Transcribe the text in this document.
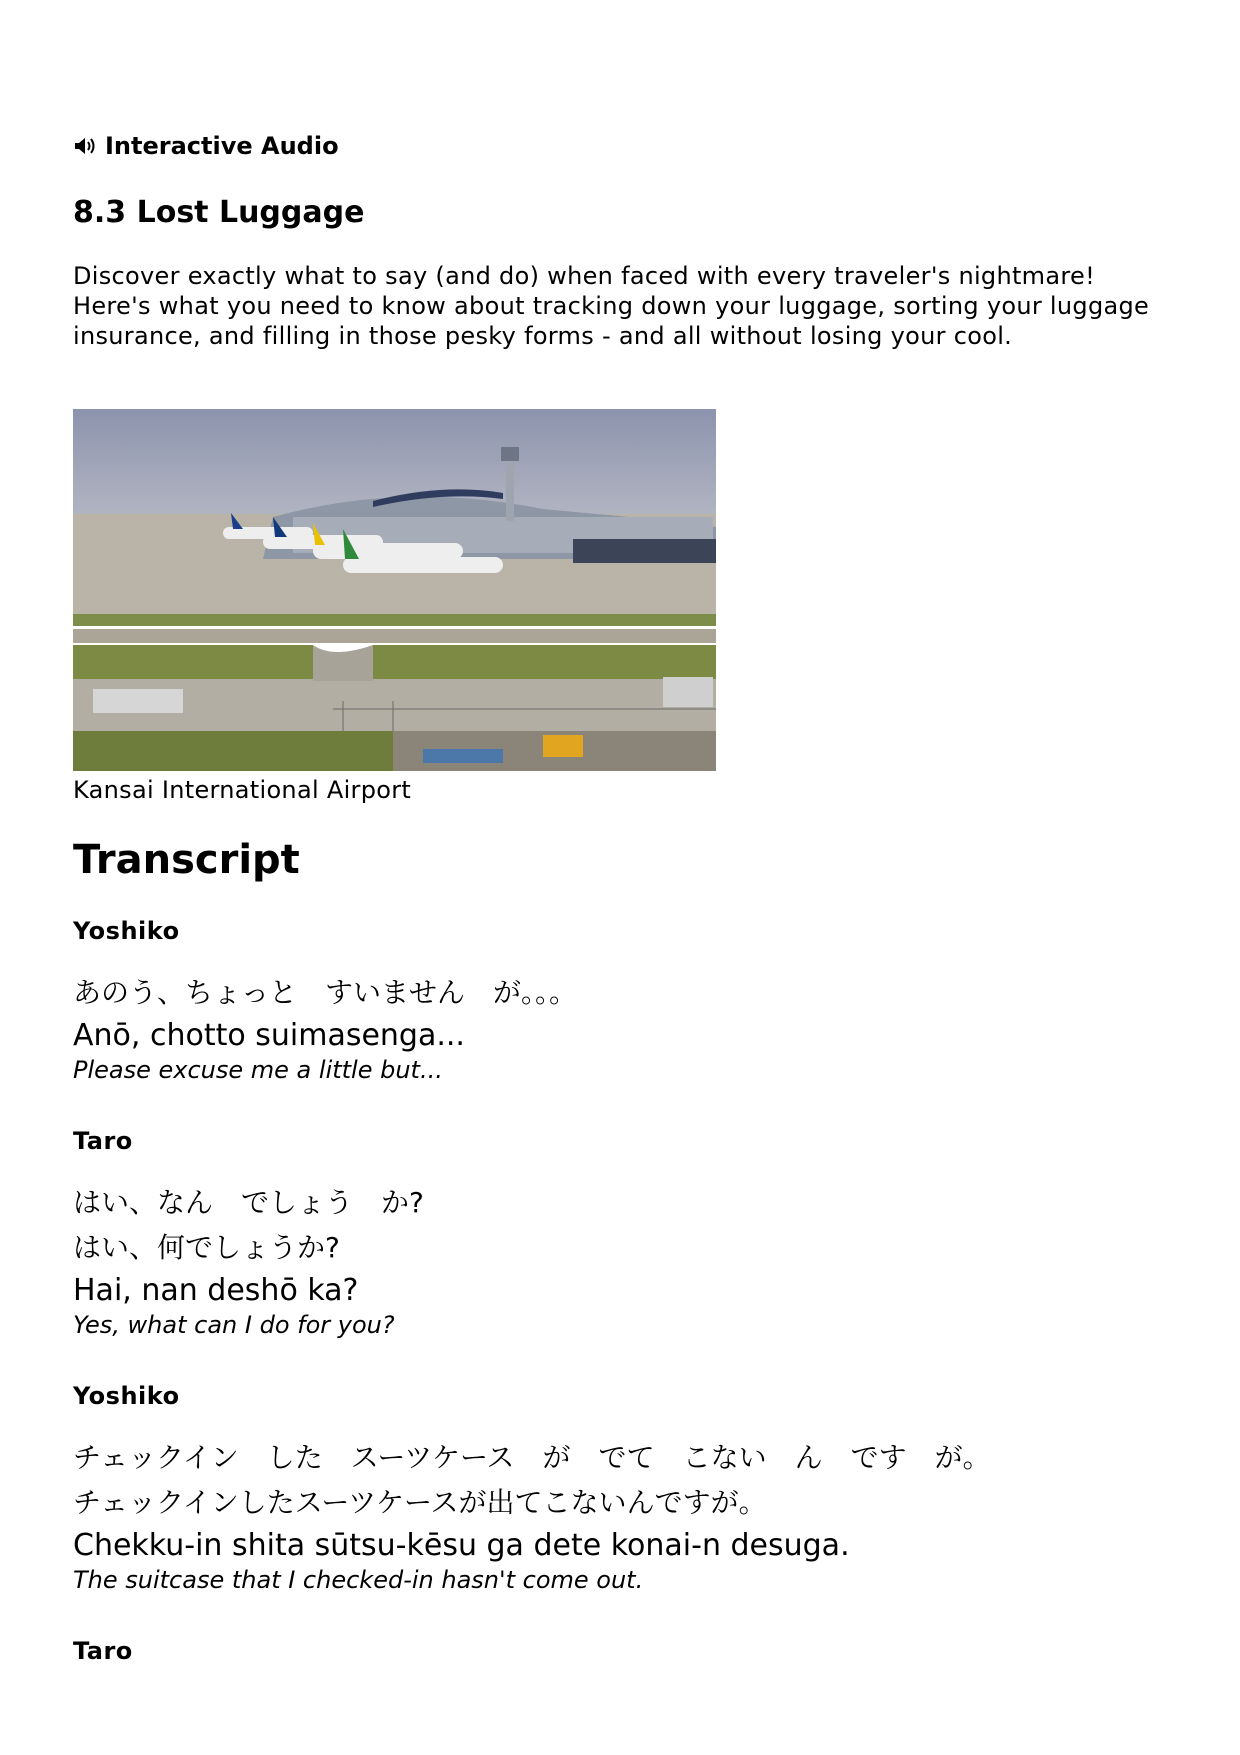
Interactive Audio
8.3 Lost Luggage

Discover exactly what to say (and do) when faced with every traveler's nightmare! Here's what you need to know about tracking down your luggage, sorting your luggage insurance, and filling in those pesky forms - and all without losing your cool.

Kansai International Airport
Transcript
Yoshiko
あのう、ちょっと　すいません　が。。。
Anō, chotto suimasenga...
Please excuse me a little but...
Taro
はい、なん　でしょう　か?
はい、何でしょうか?
Hai, nan deshō ka?
Yes, what can I do for you?
Yoshiko
チェックイン　した　スーツケース　が　でて　こない　ん　です　が。
チェックインしたスーツケースが出てこないんですが。
Chekku-in shita sūtsu-kēsu ga dete konai-n desuga.
The suitcase that I checked-in hasn't come out.
Taro
